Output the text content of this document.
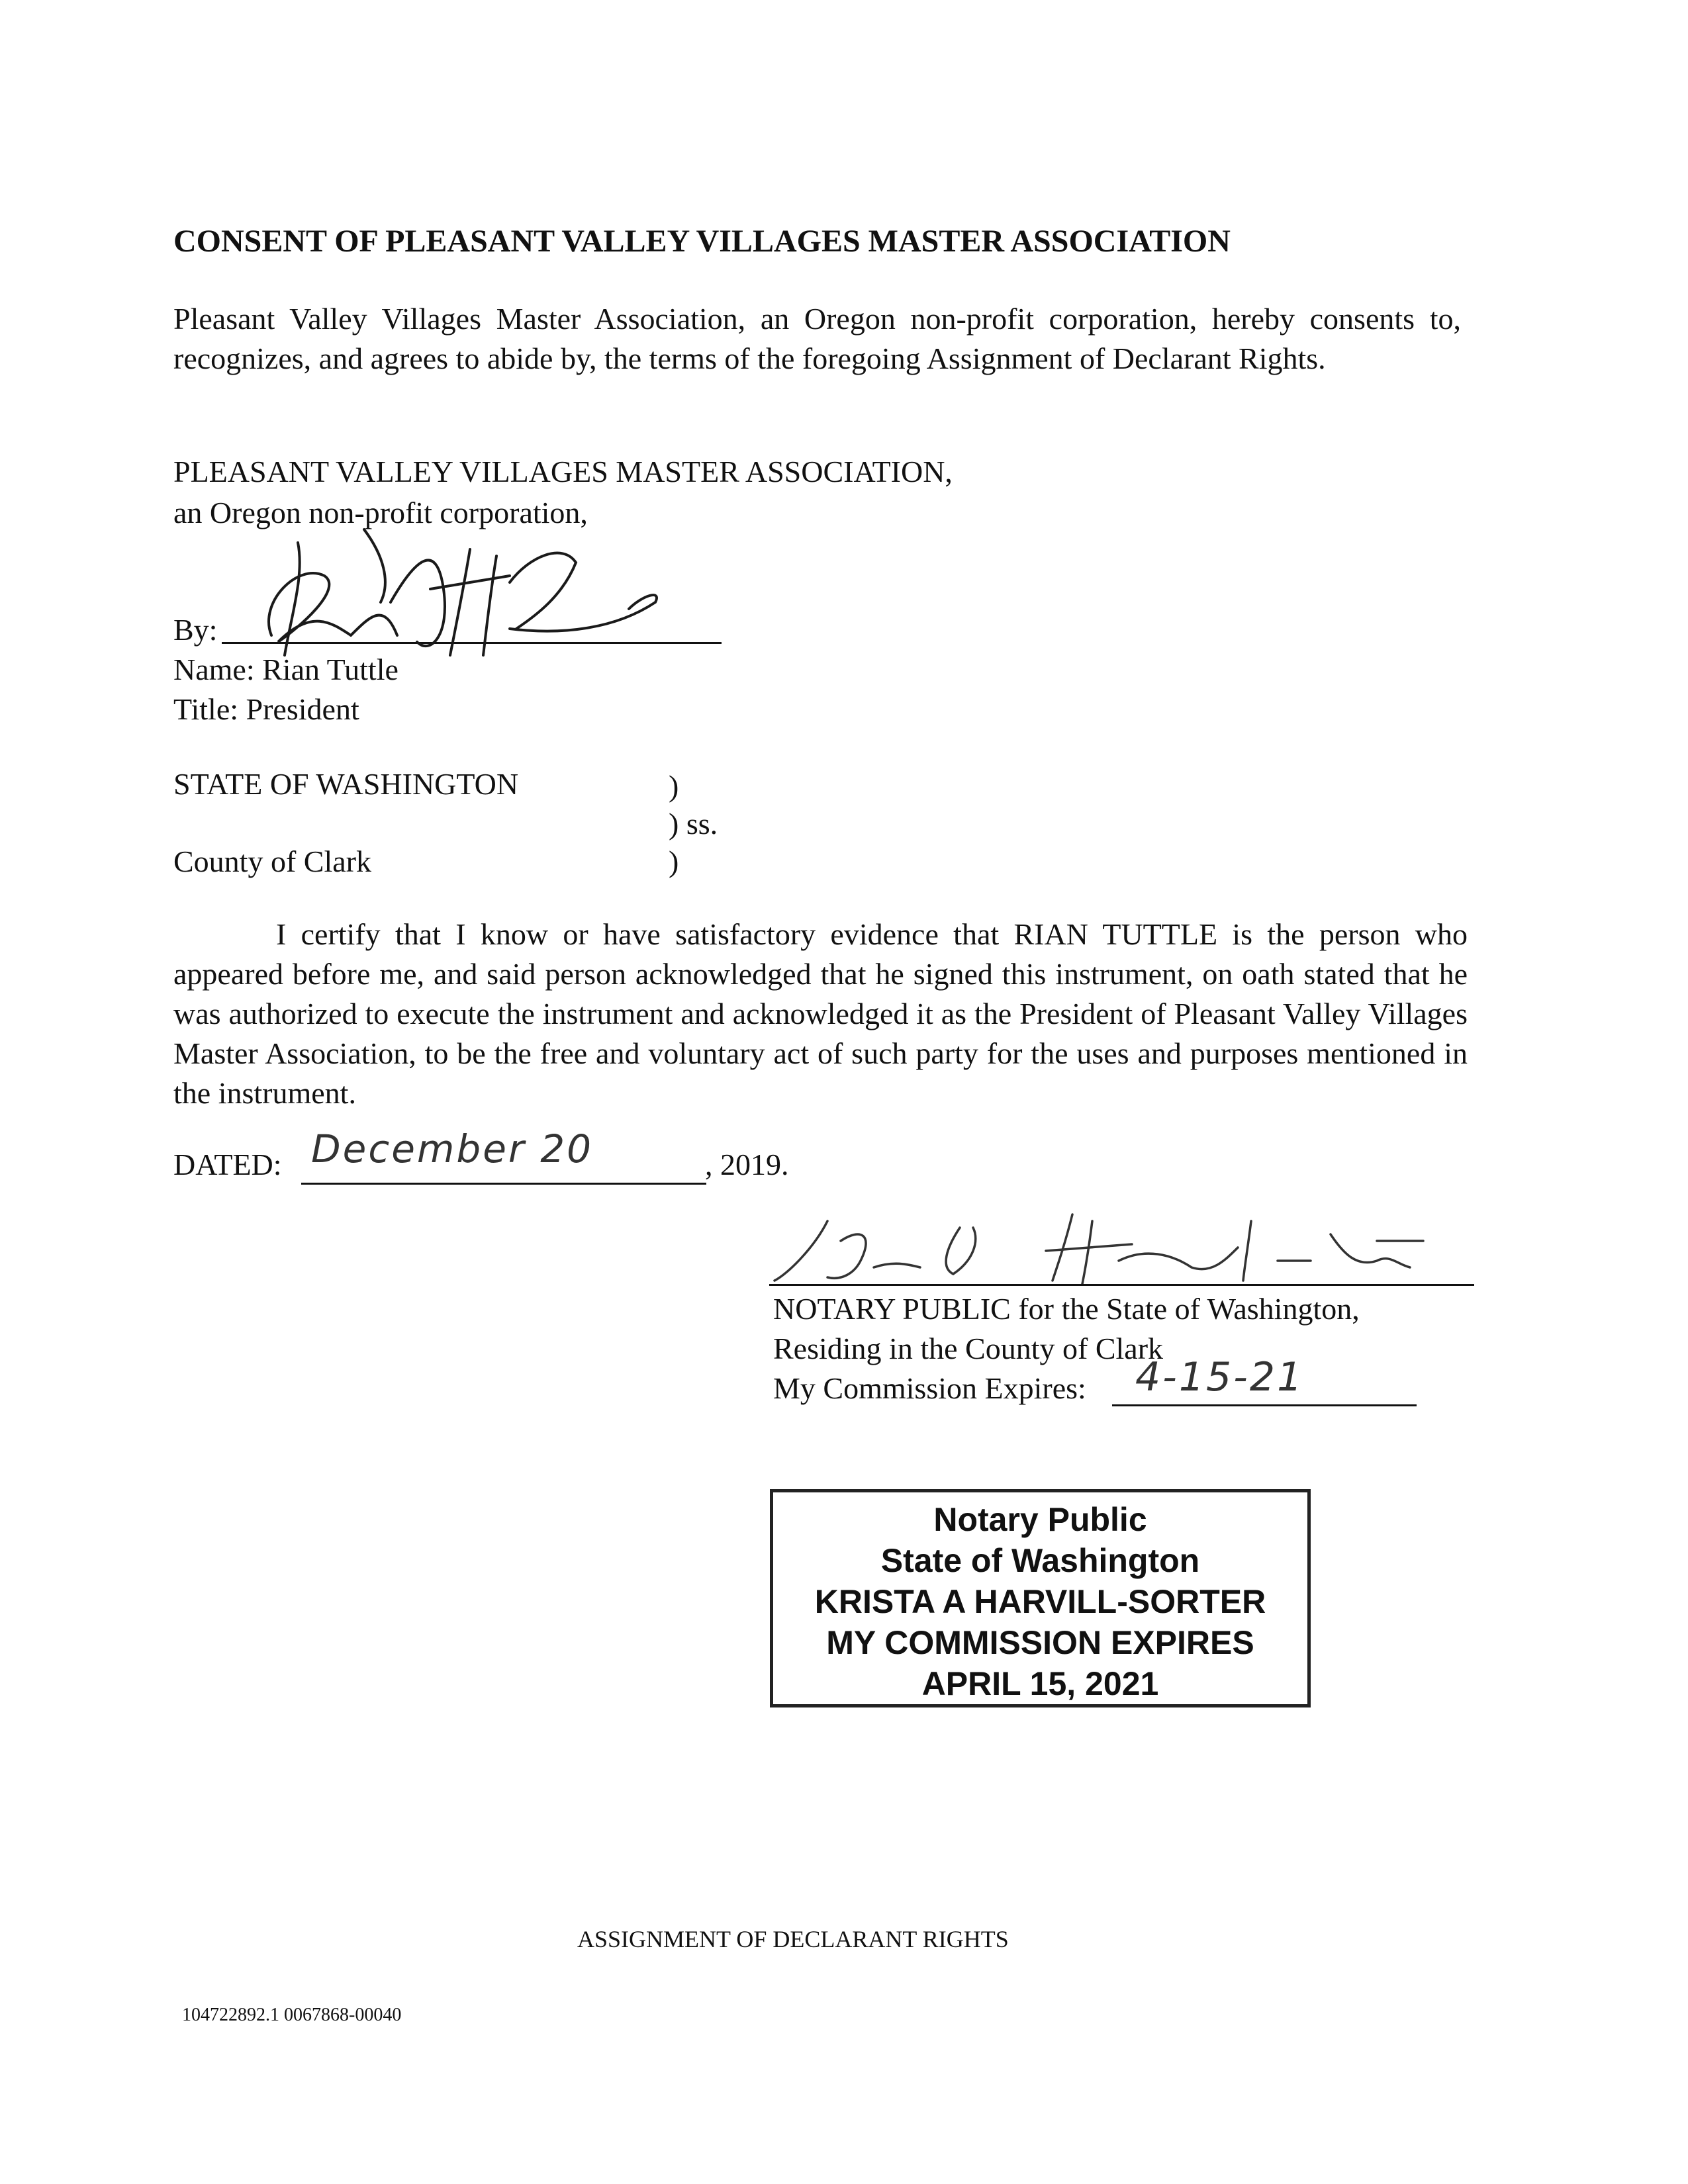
CONSENT OF PLEASANT VALLEY VILLAGES MASTER ASSOCIATION
Pleasant Valley Villages Master Association, an Oregon non-profit corporation, hereby consents to, recognizes, and agrees to abide by, the terms of the foregoing Assignment of Declarant Rights.
PLEASANT VALLEY VILLAGES MASTER ASSOCIATION,
an Oregon non-profit corporation,
By:
Name: Rian Tuttle
Title: President
STATE OF WASHINGTON
County of Clark
)
) ss.
)
I certify that I know or have satisfactory evidence that RIAN TUTTLE is the person who appeared before me, and said person acknowledged that he signed this instrument, on oath stated that he was authorized to execute the instrument and acknowledged it as the President of Pleasant Valley Villages Master Association, to be the free and voluntary act of such party for the uses and purposes mentioned in the instrument.
DATED: December 20	, 2019.
NOTARY PUBLIC for the State of Washington,
Residing in the County of Clark
My Commission Expires: 4-15-21
Notary Public
State of Washington
KRISTA A HARVILL-SORTER
MY COMMISSION EXPIRES
APRIL 15, 2021
ASSIGNMENT OF DECLARANT RIGHTS
104722892.1 0067868-00040
